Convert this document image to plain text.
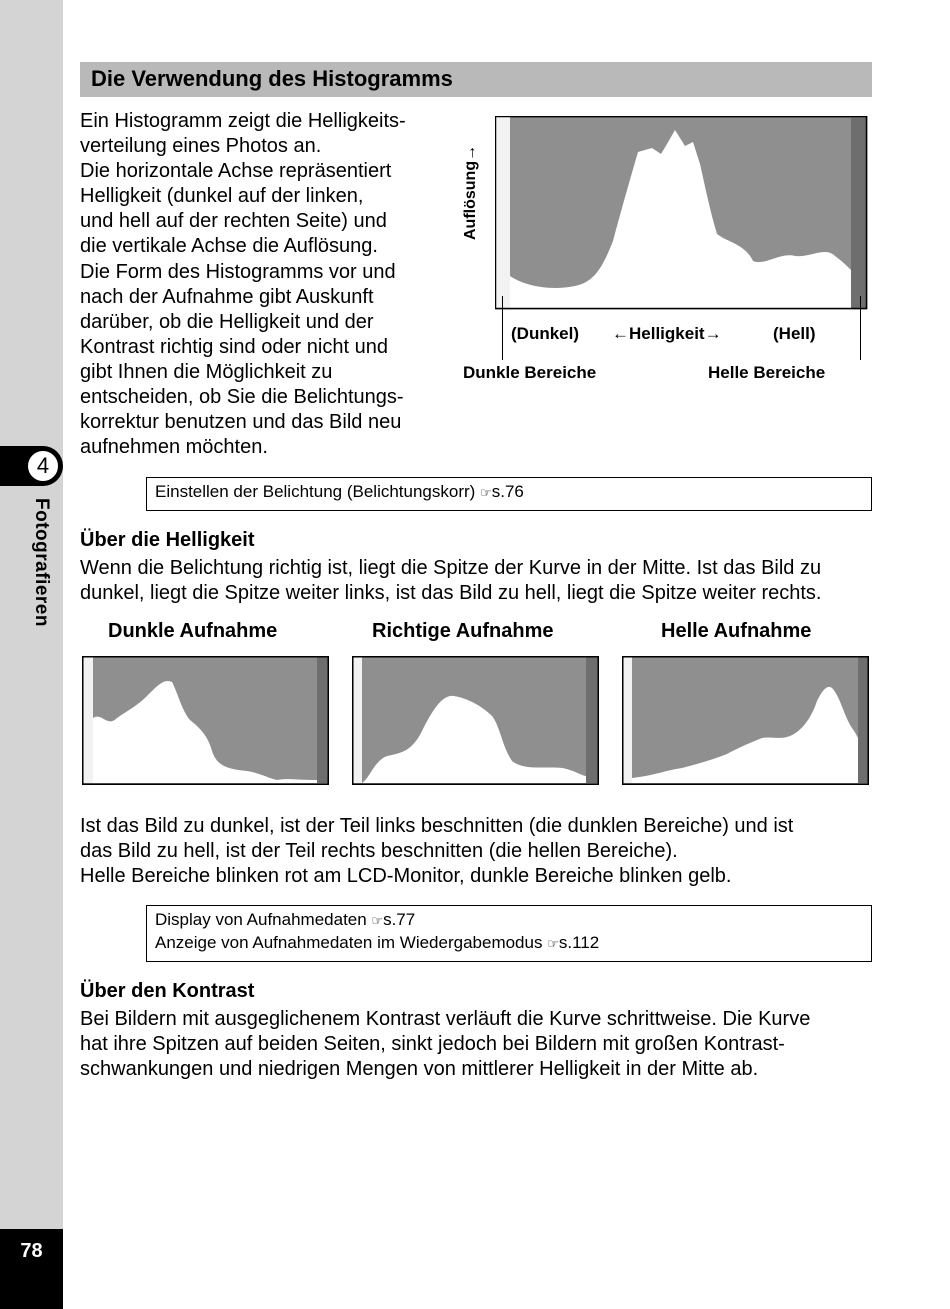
4
Fotografieren
78
Die Verwendung des Histogramms
Ein Histogramm zeigt die Helligkeits-
verteilung eines Photos an.
Die horizontale Achse repräsentiert
Helligkeit (dunkel auf der linken,
und hell auf der rechten Seite) und
die vertikale Achse die Auflösung.
Die Form des Histogramms vor und
nach der Aufnahme gibt Auskunft
darüber, ob die Helligkeit und der
Kontrast richtig sind oder nicht und
gibt Ihnen die Möglichkeit zu
entscheiden, ob Sie die Belichtungs-
korrektur benutzen und das Bild neu
aufnehmen möchten.
Auflösung→
(Dunkel) ←Helligkeit→	(Hell)
Dunkle Bereiche	Helle Bereiche
Einstellen der Belichtung (Belichtungskorr) ☞s.76
Über die Helligkeit
Wenn die Belichtung richtig ist, liegt die Spitze der Kurve in der Mitte. Ist das Bild zu
dunkel, liegt die Spitze weiter links, ist das Bild zu hell, liegt die Spitze weiter rechts.
Dunkle Aufnahme	Richtige Aufnahme	Helle Aufnahme
Ist das Bild zu dunkel, ist der Teil links beschnitten (die dunklen Bereiche) und ist
das Bild zu hell, ist der Teil rechts beschnitten (die hellen Bereiche).
Helle Bereiche blinken rot am LCD-Monitor, dunkle Bereiche blinken gelb.
Display von Aufnahmedaten ☞s.77
Anzeige von Aufnahmedaten im Wiedergabemodus ☞s.112
Über den Kontrast
Bei Bildern mit ausgeglichenem Kontrast verläuft die Kurve schrittweise. Die Kurve
hat ihre Spitzen auf beiden Seiten, sinkt jedoch bei Bildern mit großen Kontrast-
schwankungen und niedrigen Mengen von mittlerer Helligkeit in der Mitte ab.
